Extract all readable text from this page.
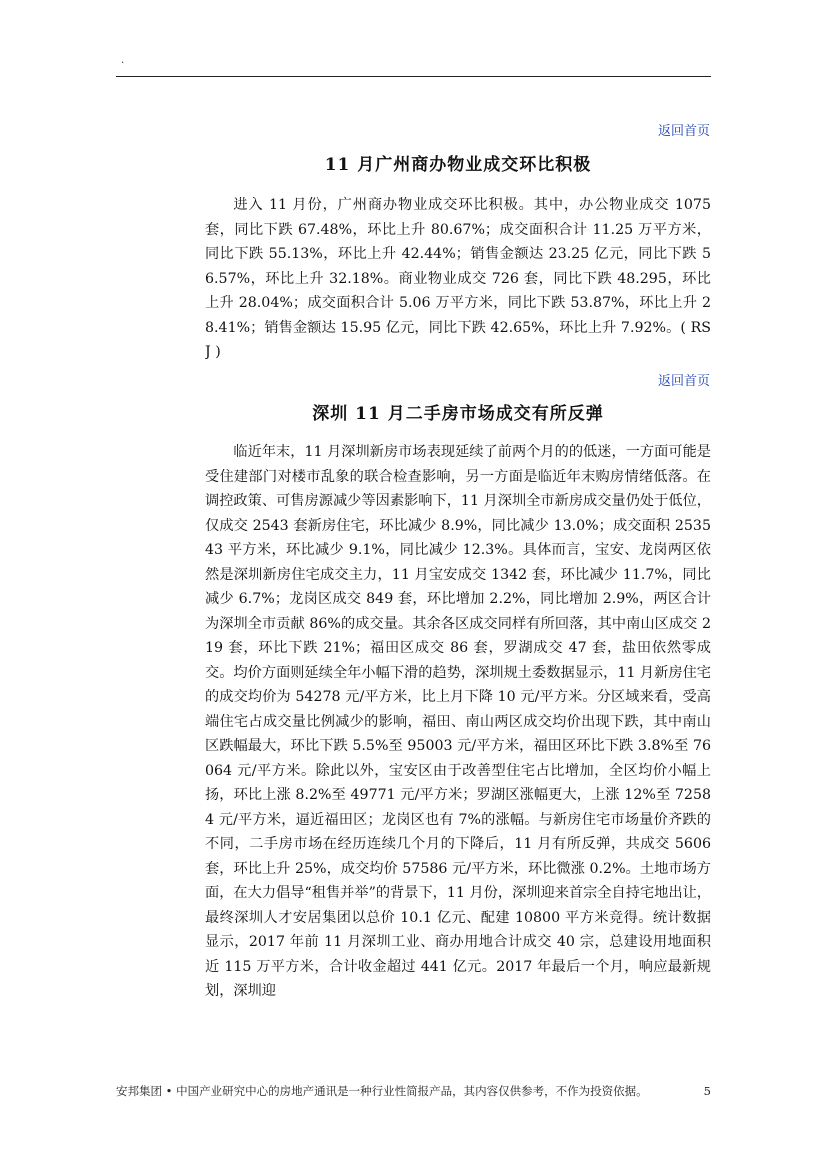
.
返回首页
11 月广州商办物业成交环比积极

进入 11 月份，广州商办物业成交环比积极。其中，办公物业成交 1075 套，同比下跌 67.48%，环比上升 80.67%；成交面积合计 11.25 万平方米，同比下跌 55.13%，环比上升 42.44%；销售金额达 23.25 亿元，同比下跌 56.57%，环比上升 32.18%。商业物业成交 726 套，同比下跌 48.295，环比上升 28.04%；成交面积合计 5.06 万平方米，同比下跌 53.87%，环比上升 28.41%；销售金额达 15.95 亿元，同比下跌 42.65%，环比上升 7.92%。( RSJ )

返回首页
深圳 11 月二手房市场成交有所反弹

临近年末，11 月深圳新房市场表现延续了前两个月的的低迷，一方面可能是受住建部门对楼市乱象的联合检查影响，另一方面是临近年末购房情绪低落。在调控政策、可售房源减少等因素影响下，11 月深圳全市新房成交量仍处于低位，仅成交 2543 套新房住宅，环比减少 8.9%，同比减少 13.0%；成交面积 253543 平方米，环比减少 9.1%，同比减少 12.3%。具体而言，宝安、龙岗两区依然是深圳新房住宅成交主力，11 月宝安成交 1342 套，环比减少 11.7%，同比减少 6.7%；龙岗区成交 849 套，环比增加 2.2%，同比增加 2.9%，两区合计为深圳全市贡献 86%的成交量。其余各区成交同样有所回落，其中南山区成交 219 套，环比下跌 21%；福田区成交 86 套，罗湖成交 47 套，盐田依然零成交。均价方面则延续全年小幅下滑的趋势，深圳规土委数据显示，11 月新房住宅的成交均价为 54278 元/平方米，比上月下降 10 元/平方米。分区域来看，受高端住宅占成交量比例减少的影响，福田、南山两区成交均价出现下跌，其中南山区跌幅最大，环比下跌 5.5%至 95003 元/平方米，福田区环比下跌 3.8%至 76064 元/平方米。除此以外，宝安区由于改善型住宅占比增加，全区均价小幅上扬，环比上涨 8.2%至 49771 元/平方米；罗湖区涨幅更大，上涨 12%至 72584 元/平方米，逼近福田区；龙岗区也有 7%的涨幅。与新房住宅市场量价齐跌的不同，二手房市场在经历连续几个月的下降后，11 月有所反弹，共成交 5606 套，环比上升 25%，成交均价 57586 元/平方米，环比微涨 0.2%。土地市场方面，在大力倡导“租售并举”的背景下，11 月份，深圳迎来首宗全自持宅地出让，最终深圳人才安居集团以总价 10.1 亿元、配建 10800 平方米竞得。统计数据显示，2017 年前 11 月深圳工业、商办用地合计成交 40 宗，总建设用地面积近 115 万平方米，合计收金超过 441 亿元。2017 年最后一个月，响应最新规划，深圳迎

安邦集团 • 中国产业研究中心的房地产通讯是一种行业性简报产品，其内容仅供参考，不作为投资依据。	5
